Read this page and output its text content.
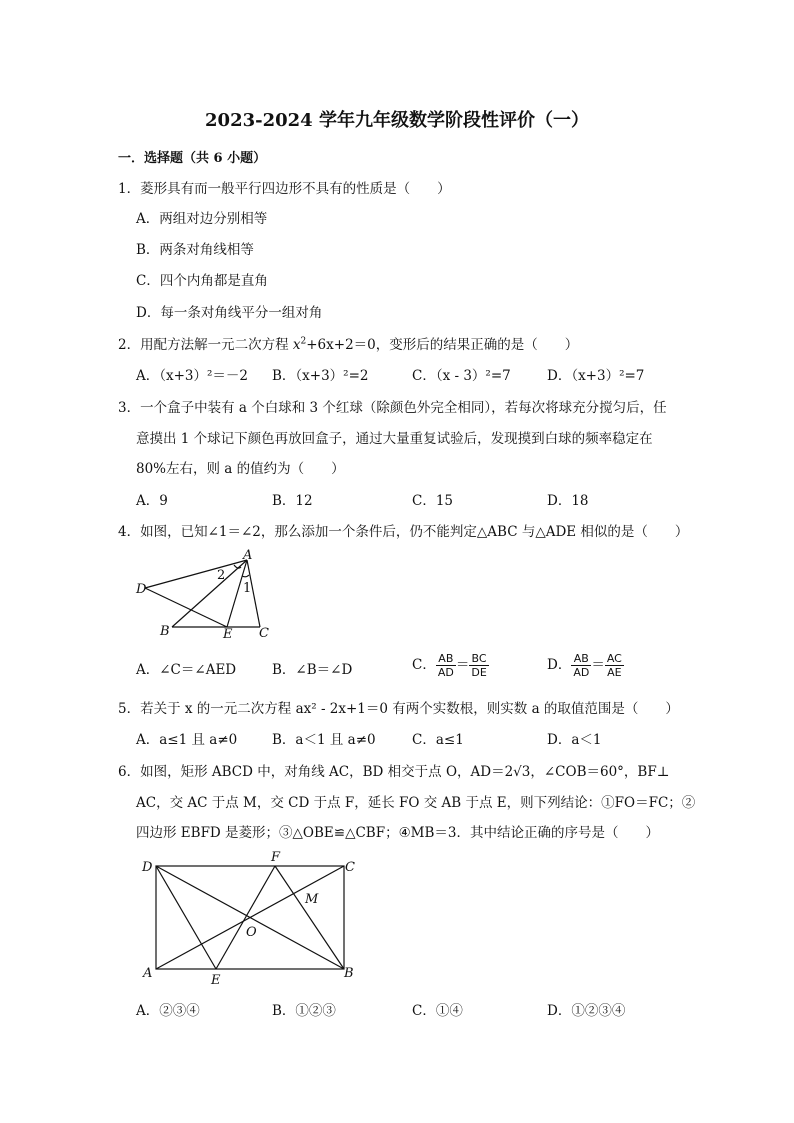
2023-2024 学年九年级数学阶段性评价（一）
一．选择题（共 6 小题）
1．菱形具有而一般平行四边形不具有的性质是（　　）
A．两组对边分别相等
B．两条对角线相等
C．四个内角都是直角
D．每一条对角线平分一组对角
2．用配方法解一元二次方程 $x^2+6x+2=0$，变形后的结果正确的是（　　）
A．（x+3）²＝－2 B．（x+3）²=2	C．（x - 3）²=7	D．（x+3）²=7
3．一个盒子中装有 a 个白球和 3 个红球（除颜色外完全相同），若每次将球充分搅匀后，任
意摸出 1 个球记下颜色再放回盒子，通过大量重复试验后，发现摸到白球的频率稳定在
80%左右，则 a 的值约为（　　）
A．9	B．12	C．15	D．18
4．如图，已知∠1＝∠2，那么添加一个条件后，仍不能判定△ABC 与△ADE 相似的是（　　）
A
D
B	E C
2
1
A．∠C＝∠AED	B．∠B＝∠D	C． $\frac{AB}{AD} = \frac{BC}{DE}$	D． $\frac{AB}{AD} = \frac{AC}{AE}$
5．若关于 x 的一元二次方程 ax² - 2x+1＝0 有两个实数根，则实数 a 的取值范围是（　　）
A．a≤1 且 a≠0	B．a＜1 且 a≠0	C．a≤1	D．a＜1
6．如图，矩形 ABCD 中，对角线 AC，BD 相交于点 O，AD＝2√3，∠COB＝60°，BF⊥
AC，交 AC 于点 M，交 CD 于点 F，延长 FO 交 AB 于点 E，则下列结论：①FO＝FC；②
四边形 EBFD 是菱形；③△OBE≌△CBF；④MB＝3．其中结论正确的序号是（　　）
D
F
C
M
O
A	E	B
A．②③④	B．①②③	C．①④	D．①②③④
